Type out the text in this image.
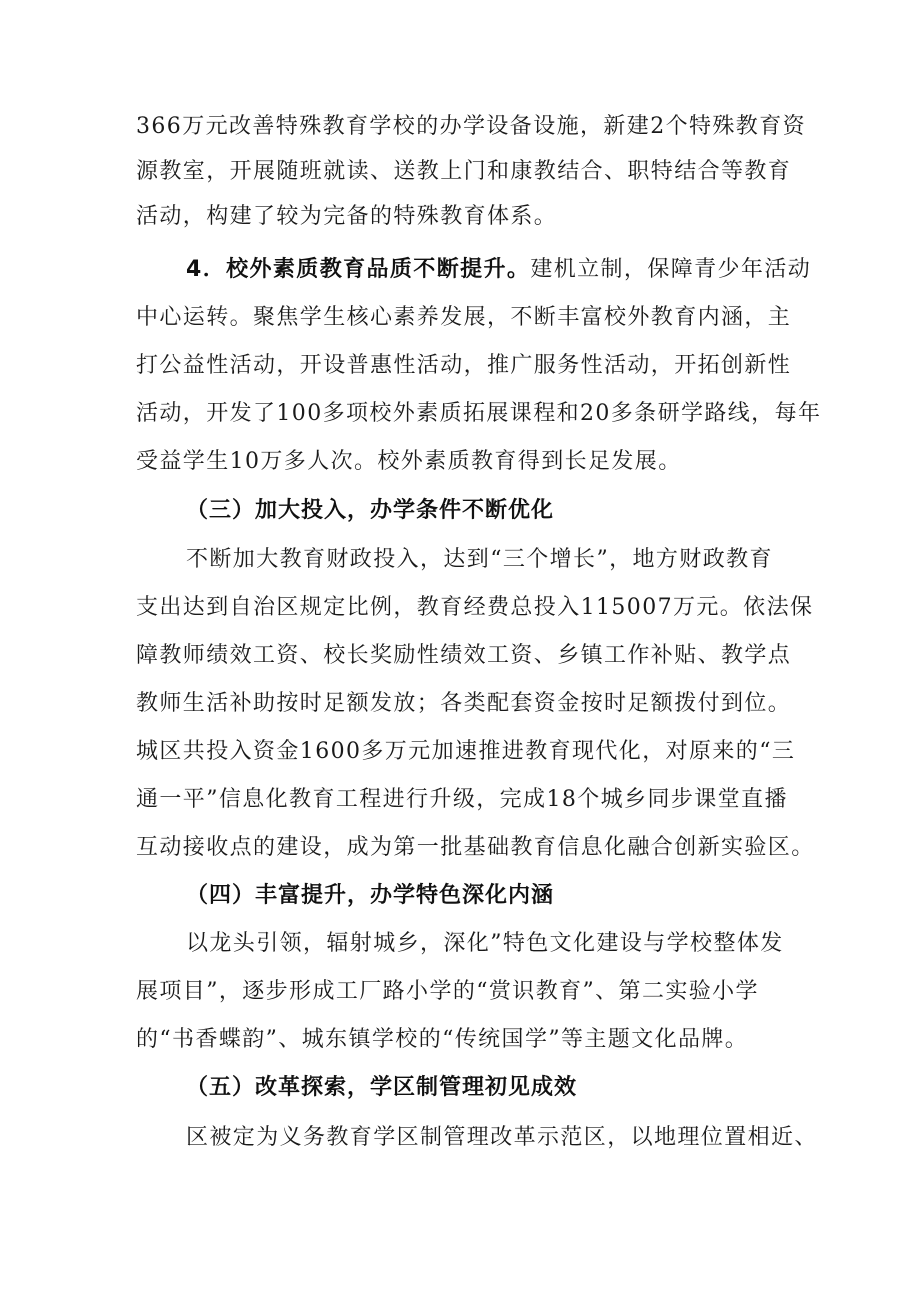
366万元改善特殊教育学校的办学设备设施，新建2个特殊教育资
源教室，开展随班就读、送教上门和康教结合、职特结合等教育
活动，构建了较为完备的特殊教育体系。
4．校外素质教育品质不断提升。建机立制，保障青少年活动
中心运转。聚焦学生核心素养发展，不断丰富校外教育内涵，主
打公益性活动，开设普惠性活动，推广服务性活动，开拓创新性
活动，开发了100多项校外素质拓展课程和20多条研学路线，每年
受益学生10万多人次。校外素质教育得到长足发展。
（三）加大投入，办学条件不断优化
不断加大教育财政投入，达到“三个增长”，地方财政教育
支出达到自治区规定比例，教育经费总投入115007万元。依法保
障教师绩效工资、校长奖励性绩效工资、乡镇工作补贴、教学点
教师生活补助按时足额发放；各类配套资金按时足额拨付到位。
城区共投入资金1600多万元加速推进教育现代化，对原来的“三
通一平”信息化教育工程进行升级，完成18个城乡同步课堂直播
互动接收点的建设，成为第一批基础教育信息化融合创新实验区。
（四）丰富提升，办学特色深化内涵
以龙头引领，辐射城乡，深化”特色文化建设与学校整体发
展项目”，逐步形成工厂路小学的“赏识教育”、第二实验小学
的“书香蝶韵”、城东镇学校的“传统国学”等主题文化品牌。
（五）改革探索，学区制管理初见成效
区被定为义务教育学区制管理改革示范区，以地理位置相近、
